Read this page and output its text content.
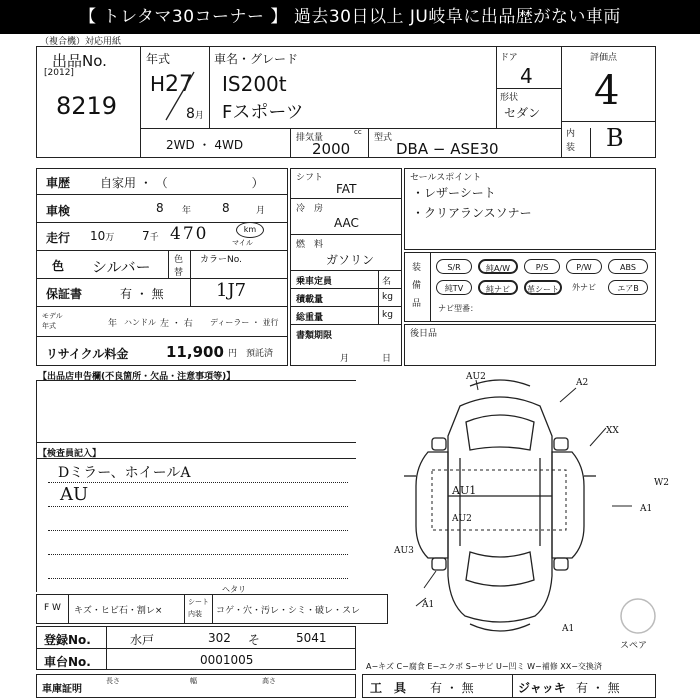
【 トレタマ30コーナー 】 過去30日以上 JU岐阜に出品歴がない車両
（複合機）対応用紙
出品No.
[2012]
8219
年式
H27
8月
車名・グレード
IS200t
Fスポーツ
ドア
4
形状
セダン
評価点
4
内
装 B
2WD ・ 4WD	排気量
cc
2000
型式
DBA − ASE30
車歴 自家用 ・ （　　　　　　　）
車検	8 年	8	月
走行 10万 7千 470	km
マイル
色 シルバー	色
替
カラーNo.
1J7
保証書	有 ・ 無
モデル
年式	年 ハンドル 左 ・ 右 ディーラー ・ 並行
リサイクル料金	11,900 円 預託済
シフト
FAT
冷 房
AAC
燃 料
ガソリン
乗車定員	名
積載量	kg
総重量	kg
書類期限
月	日
セールスポイント
・レザーシート
・クリアランスソナー
装
備
品
S/R	純A/W	P/S	P/W	ABS
純TV	純ナビ	革シート	外ナビ	エアB
ナビ型番：
後日品
【出品店申告欄(不良箇所・欠品・注意事項等)】
【検査員記入】
Dミラー、ホイールA
AU
AU2
A2
XX
W2
A1
AU1
AU2
AU3
A1
A1
スペア
F W キズ・ヒビ石・割レ×
シート
内装 コゲ・穴・汚レ・シミ・破レ・スレ
ヘタリ
登録No.	水戸	302 そ	5041
車台No.	0001005	A−キズ C−腐食 E−エクボ S−サビ U−凹ミ W−補修 XX−交換済
車庫証明
長さ	幅	高さ	工　具 有 ・ 無	ジャッキ 有 ・ 無
